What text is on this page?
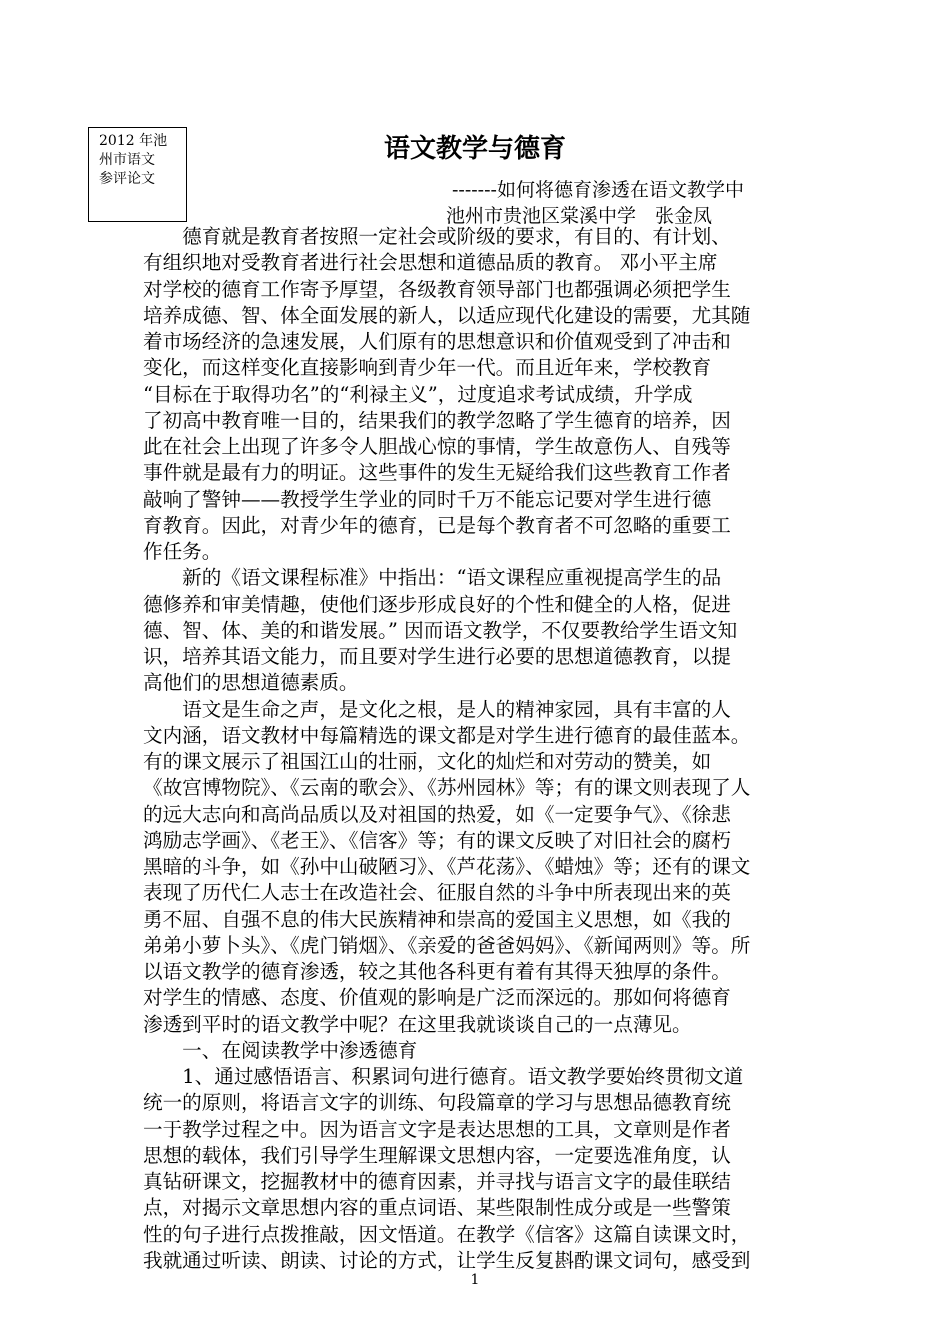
2012 年池
州市语文
参评论文
语文教学与德育
-------如何将德育渗透在语文教学中
池州市贵池区棠溪中学　张金凤

　　德育就是教育者按照一定社会或阶级的要求，有目的、有计划、

有组织地对受教育者进行社会思想和道德品质的教育。 邓小平主席

对学校的德育工作寄予厚望，各级教育领导部门也都强调必须把学生

培养成德、智、体全面发展的新人，以适应现代化建设的需要，尤其随

着市场经济的急速发展，人们原有的思想意识和价值观受到了冲击和

变化，而这样变化直接影响到青少年一代。而且近年来，学校教育

“目标在于取得功名”的“利禄主义”，过度追求考试成绩，升学成

了初高中教育唯一目的，结果我们的教学忽略了学生德育的培养，因

此在社会上出现了许多令人胆战心惊的事情，学生故意伤人、自残等

事件就是最有力的明证。这些事件的发生无疑给我们这些教育工作者

敲响了警钟——教授学生学业的同时千万不能忘记要对学生进行德

育教育。因此，对青少年的德育，已是每个教育者不可忽略的重要工

作任务。

　　新的《语文课程标准》中指出：“语文课程应重视提高学生的品

德修养和审美情趣，使他们逐步形成良好的个性和健全的人格，促进

德、智、体、美的和谐发展。” 因而语文教学，不仅要教给学生语文知

识，培养其语文能力，而且要对学生进行必要的思想道德教育，以提

高他们的思想道德素质。

　　语文是生命之声，是文化之根，是人的精神家园，具有丰富的人

文内涵，语文教材中每篇精选的课文都是对学生进行德育的最佳蓝本。

有的课文展示了祖国江山的壮丽，文化的灿烂和对劳动的赞美，如

《故宫博物院》、《云南的歌会》、《苏州园林》等；有的课文则表现了人

的远大志向和高尚品质以及对祖国的热爱，如《一定要争气》、《徐悲

鸿励志学画》、《老王》、《信客》等；有的课文反映了对旧社会的腐朽

黑暗的斗争，如《孙中山破陋习》、《芦花荡》、《蜡烛》等；还有的课文

表现了历代仁人志士在改造社会、征服自然的斗争中所表现出来的英

勇不屈、自强不息的伟大民族精神和崇高的爱国主义思想，如《我的

弟弟小萝卜头》、《虎门销烟》、《亲爱的爸爸妈妈》、《新闻两则》等。所

以语文教学的德育渗透，较之其他各科更有着有其得天独厚的条件。

对学生的情感、态度、价值观的影响是广泛而深远的。那如何将德育

渗透到平时的语文教学中呢？在这里我就谈谈自己的一点薄见。

　　一、在阅读教学中渗透德育

　　1、通过感悟语言、积累词句进行德育。语文教学要始终贯彻文道

统一的原则，将语言文字的训练、句段篇章的学习与思想品德教育统

一于教学过程之中。因为语言文字是表达思想的工具，文章则是作者

思想的载体，我们引导学生理解课文思想内容，一定要选准角度，认

真钻研课文，挖掘教材中的德育因素，并寻找与语言文字的最佳联结

点，对揭示文章思想内容的重点词语、某些限制性成分或是一些警策

性的句子进行点拨推敲，因文悟道。在教学《信客》这篇自读课文时，

我就通过听读、朗读、讨论的方式，让学生反复斟酌课文词句，感受到

1
